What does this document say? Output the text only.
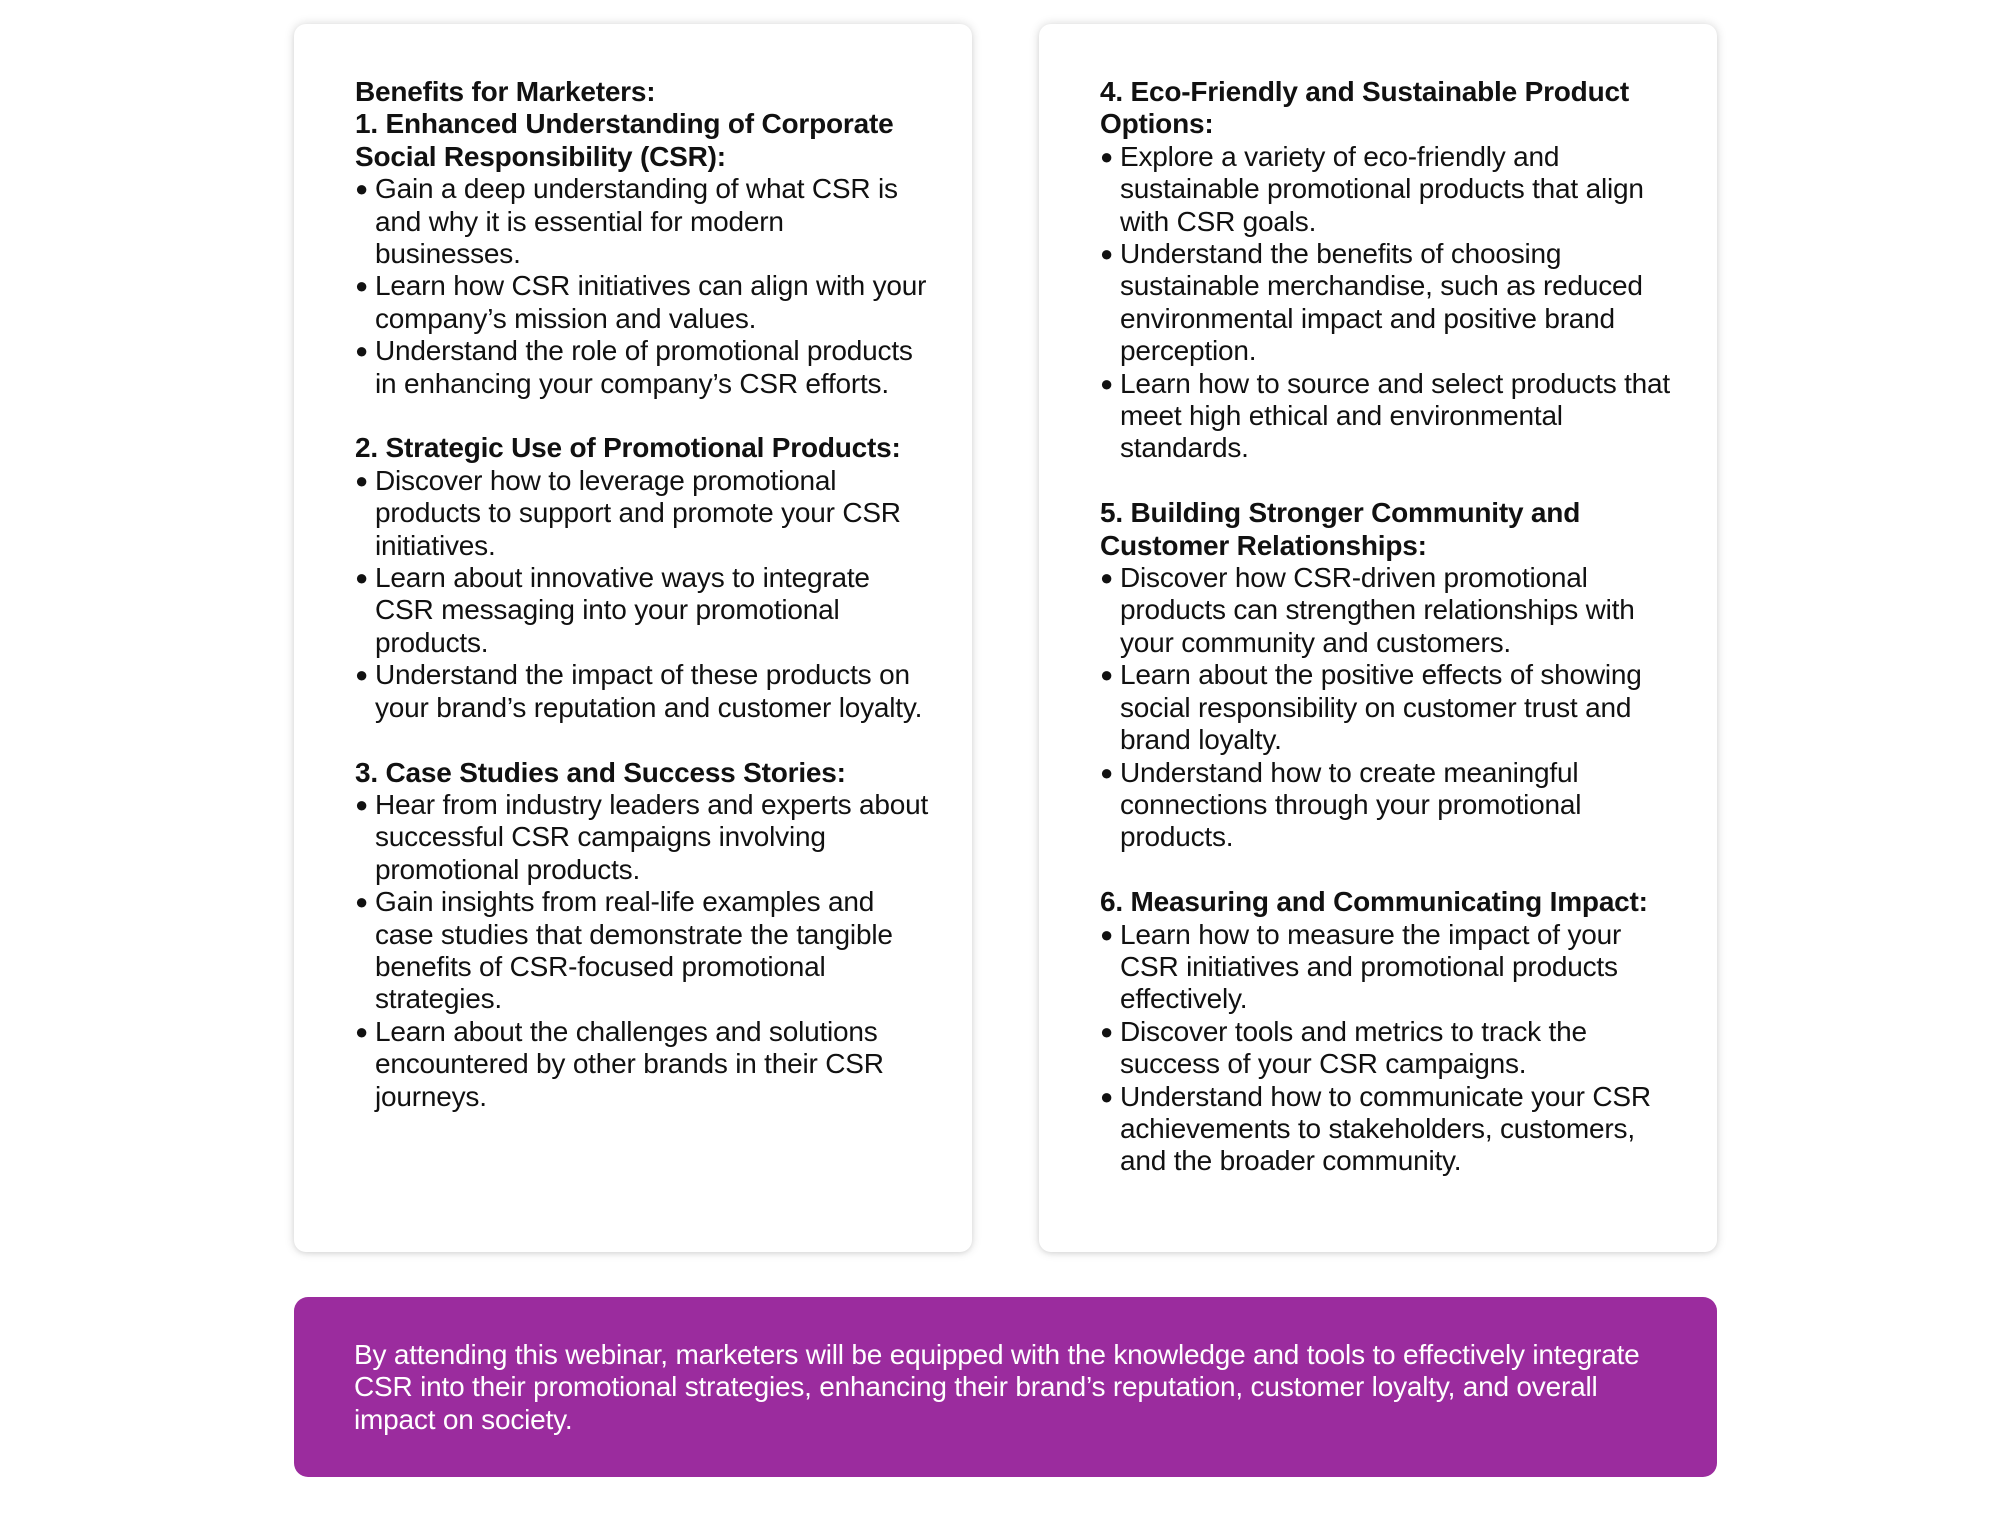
Benefits for Marketers:
1. Enhanced Understanding of Corporate Social Responsibility (CSR):
● Gain a deep understanding of what CSR is and why it is essential for modern businesses.
● Learn how CSR initiatives can align with your company’s mission and values.
● Understand the role of promotional products in enhancing your company’s CSR efforts.
2. Strategic Use of Promotional Products:
● Discover how to leverage promotional products to support and promote your CSR initiatives.
● Learn about innovative ways to integrate CSR messaging into your promotional products.
● Understand the impact of these products on your brand’s reputation and customer loyalty.
3. Case Studies and Success Stories:
● Hear from industry leaders and experts about successful CSR campaigns involving promotional products.
● Gain insights from real-life examples and case studies that demonstrate the tangible benefits of CSR-focused promotional strategies.
● Learn about the challenges and solutions encountered by other brands in their CSR journeys.
4. Eco-Friendly and Sustainable Product Options:
● Explore a variety of eco-friendly and sustainable promotional products that align with CSR goals.
● Understand the benefits of choosing sustainable merchandise, such as reduced environmental impact and positive brand perception.
● Learn how to source and select products that meet high ethical and environmental standards.
5. Building Stronger Community and Customer Relationships:
● Discover how CSR-driven promotional products can strengthen relationships with your community and customers.
● Learn about the positive effects of showing social responsibility on customer trust and brand loyalty.
● Understand how to create meaningful connections through your promotional products.
6. Measuring and Communicating Impact:
● Learn how to measure the impact of your CSR initiatives and promotional products effectively.
● Discover tools and metrics to track the success of your CSR campaigns.
● Understand how to communicate your CSR achievements to stakeholders, customers, and the broader community.

By attending this webinar, marketers will be equipped with the knowledge and tools to effectively integrate CSR into their promotional strategies, enhancing their brand’s reputation, customer loyalty, and overall impact on society.
